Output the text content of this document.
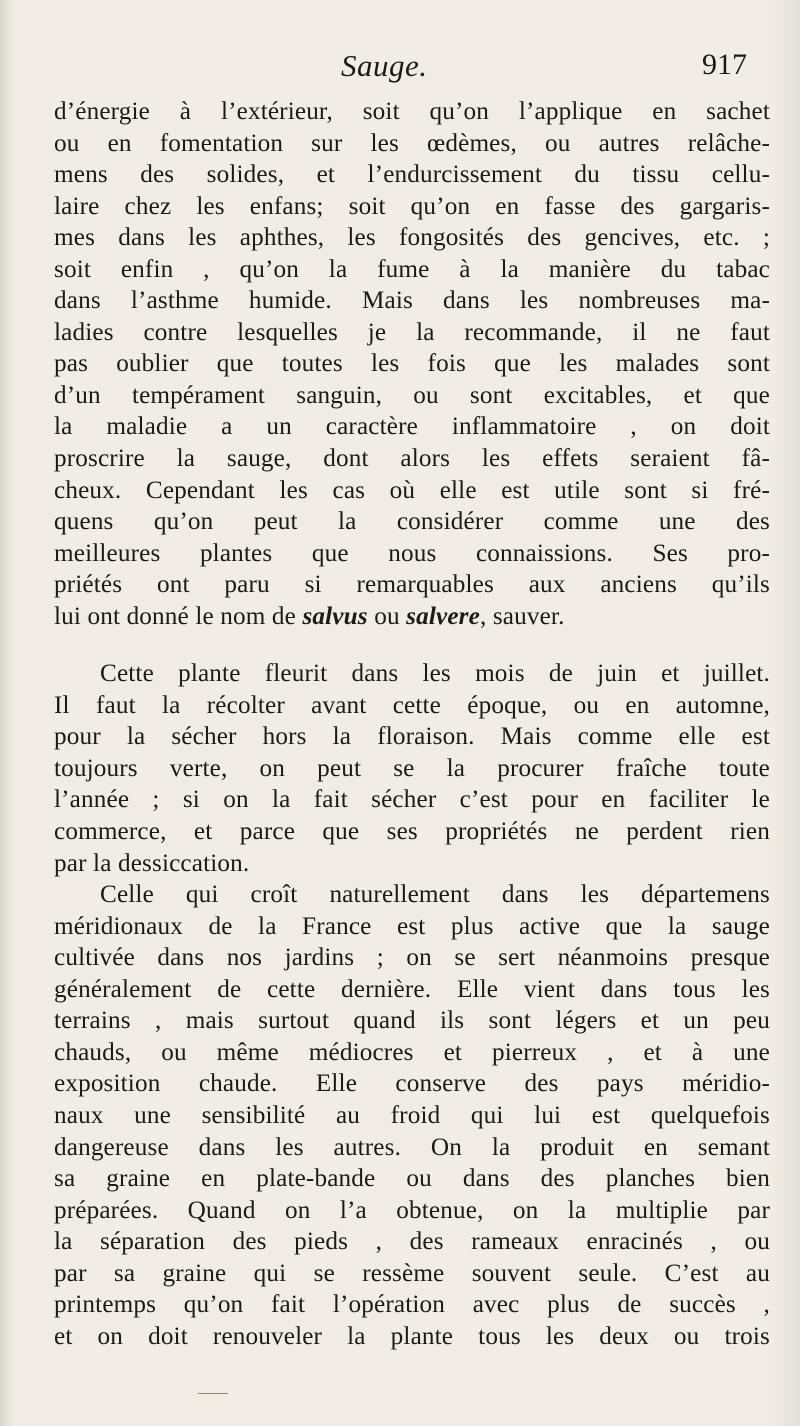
Sauge.	917
d’énergie à l’extérieur, soit qu’on l’applique en sachet
ou en fomentation sur les œdèmes, ou autres relâche-
mens des solides, et l’endurcissement du tissu cellu-
laire chez les enfans; soit qu’on en fasse des gargaris-
mes dans les aphthes, les fongosités des gencives, etc. ;
soit enfin , qu’on la fume à la manière du tabac
dans l’asthme humide. Mais dans les nombreuses ma-
ladies contre lesquelles je la recommande, il ne faut
pas oublier que toutes les fois que les malades sont
d’un tempérament sanguin, ou sont excitables, et que
la maladie a un caractère inflammatoire , on doit
proscrire la sauge, dont alors les effets seraient fâ-
cheux. Cependant les cas où elle est utile sont si fré-
quens qu’on peut la considérer comme une des
meilleures plantes que nous connaissions. Ses pro-
priétés ont paru si remarquables aux anciens qu’ils
lui ont donné le nom de salvus ou salvere, sauver.
Cette plante fleurit dans les mois de juin et juillet.
Il faut la récolter avant cette époque, ou en automne,
pour la sécher hors la floraison. Mais comme elle est
toujours verte, on peut se la procurer fraîche toute
l’année ; si on la fait sécher c’est pour en faciliter le
commerce, et parce que ses propriétés ne perdent rien
par la dessiccation.
Celle qui croît naturellement dans les départemens
méridionaux de la France est plus active que la sauge
cultivée dans nos jardins ; on se sert néanmoins presque
généralement de cette dernière. Elle vient dans tous les
terrains , mais surtout quand ils sont légers et un peu
chauds, ou même médiocres et pierreux , et à une
exposition chaude. Elle conserve des pays méridio-
naux une sensibilité au froid qui lui est quelquefois
dangereuse dans les autres. On la produit en semant
sa graine en plate-bande ou dans des planches bien
préparées. Quand on l’a obtenue, on la multiplie par
la séparation des pieds , des rameaux enracinés , ou
par sa graine qui se ressème souvent seule. C’est au
printemps qu’on fait l’opération avec plus de succès ,
et on doit renouveler la plante tous les deux ou trois
